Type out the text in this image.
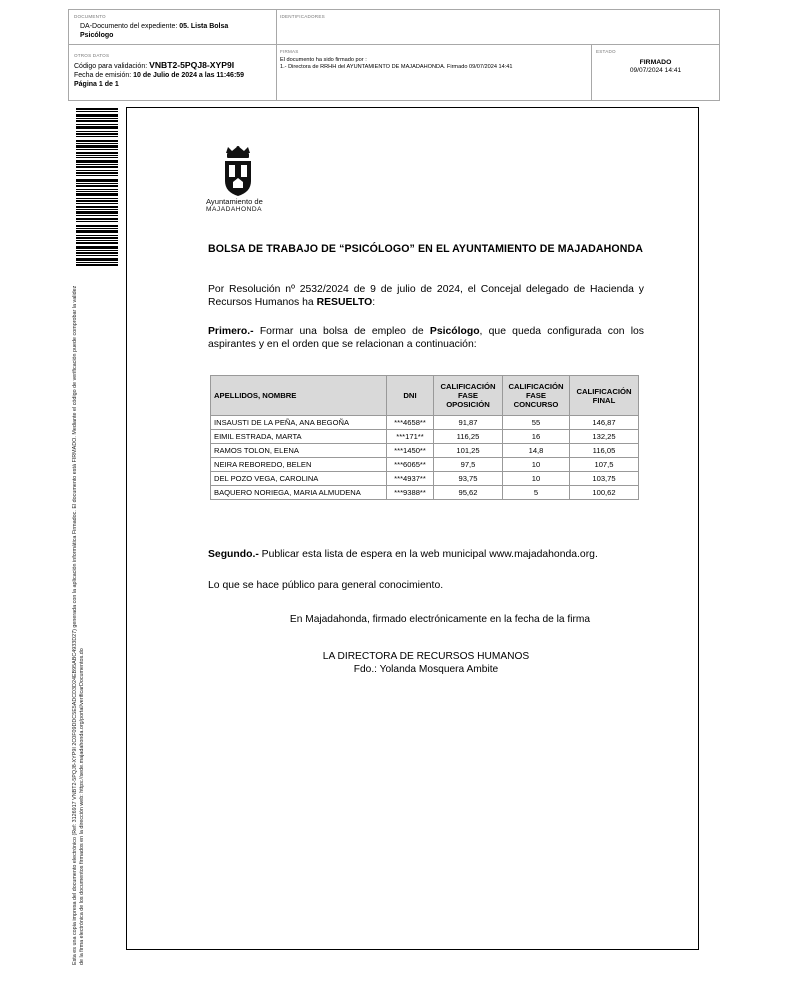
DOCUMENTO
DA-Documento del expediente: 05. Lista Bolsa
Psicólogo
IDENTIFICADORES
OTROS DATOS
Código para validación: VNBT2-5PQJ8-XYP9I
Fecha de emisión: 10 de Julio de 2024 a las 11:46:59
Página 1 de 1
FIRMAS
El documento ha sido firmado por :
1.- Directora de RRHH del AYUNTAMIENTO DE MAJADAHONDA. Firmado 09/07/2024 14:41
ESTADO
FIRMADO
09/07/2024 14:41
Esta es una copia impresa del documento electrónico (Ref: 3126917 VNBT2-5PQJ8-XYP9I 2C0F09DDC5E5ADCD3D24EB95ABC4933D27) generada con la aplicación informática Firmadoc. El documento está FIRMADO. Mediante el código de verificación puede comprobar la validez de la firma electrónica de los documentos firmados en la dirección web: https://sede.majadahonda.org/portal/verificarDocumentos.do
Ayuntamiento de
MAJADAHONDA
BOLSA DE TRABAJO DE “PSICÓLOGO” EN EL AYUNTAMIENTO DE MAJADAHONDA
Por Resolución nº 2532/2024 de 9 de julio de 2024, el Concejal delegado de Hacienda y Recursos Humanos ha RESUELTO:
Primero.- Formar una bolsa de empleo de Psicólogo, que queda configurada con los aspirantes y en el orden que se relacionan a continuación:
APELLIDOS, NOMBRE	DNI	CALIFICACIÓN FASE OPOSICIÓN	CALIFICACIÓN FASE CONCURSO	CALIFICACIÓN FINAL
INSAUSTI DE LA PEÑA, ANA BEGOÑA	***4658**	91,87	55	146,87
EIMIL ESTRADA, MARTA	***171**	116,25	16	132,25
RAMOS TOLON, ELENA	***1450**	101,25	14,8	116,05
NEIRA REBOREDO, BELEN	***6065**	97,5	10	107,5
DEL POZO VEGA, CAROLINA	***4937**	93,75	10	103,75
BAQUERO NORIEGA, MARIA ALMUDENA	***9388**	95,62	5	100,62
Segundo.- Publicar esta lista de espera en la web municipal www.majadahonda.org.
Lo que se hace público para general conocimiento.
En Majadahonda, firmado electrónicamente en la fecha de la firma
LA DIRECTORA DE RECURSOS HUMANOS
Fdo.: Yolanda Mosquera Ambite
